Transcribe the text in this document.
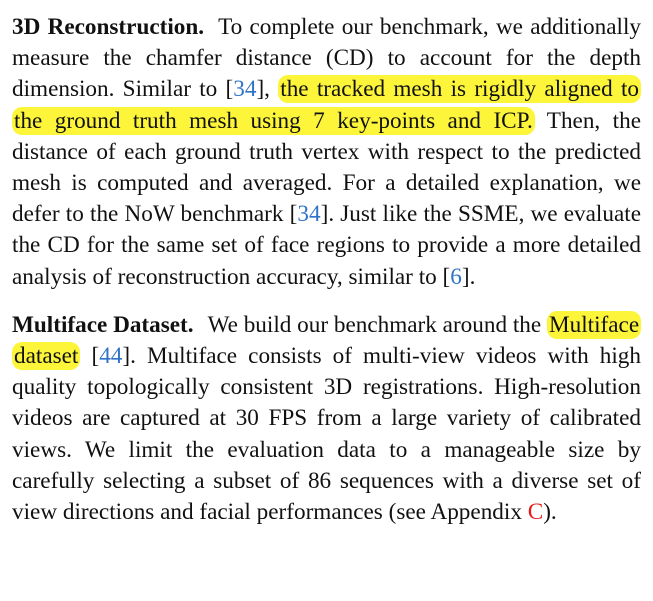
3D Reconstruction. To complete our benchmark, we additionally measure the chamfer distance (CD) to account for the depth dimension. Similar to [34], the tracked mesh is rigidly aligned to the ground truth mesh using 7 key-points and ICP. Then, the distance of each ground truth vertex with respect to the predicted mesh is computed and averaged. For a detailed explanation, we defer to the NoW benchmark [34]. Just like the SSME, we evaluate the CD for the same set of face regions to provide a more detailed analysis of reconstruction accuracy, similar to [6].

Multiface Dataset. We build our benchmark around the Multiface dataset [44]. Multiface consists of multi-view videos with high quality topologically consistent 3D registrations. High-resolution videos are captured at 30 FPS from a large variety of calibrated views. We limit the evaluation data to a manageable size by carefully selecting a subset of 86 sequences with a diverse set of view directions and facial performances (see Appendix C).
